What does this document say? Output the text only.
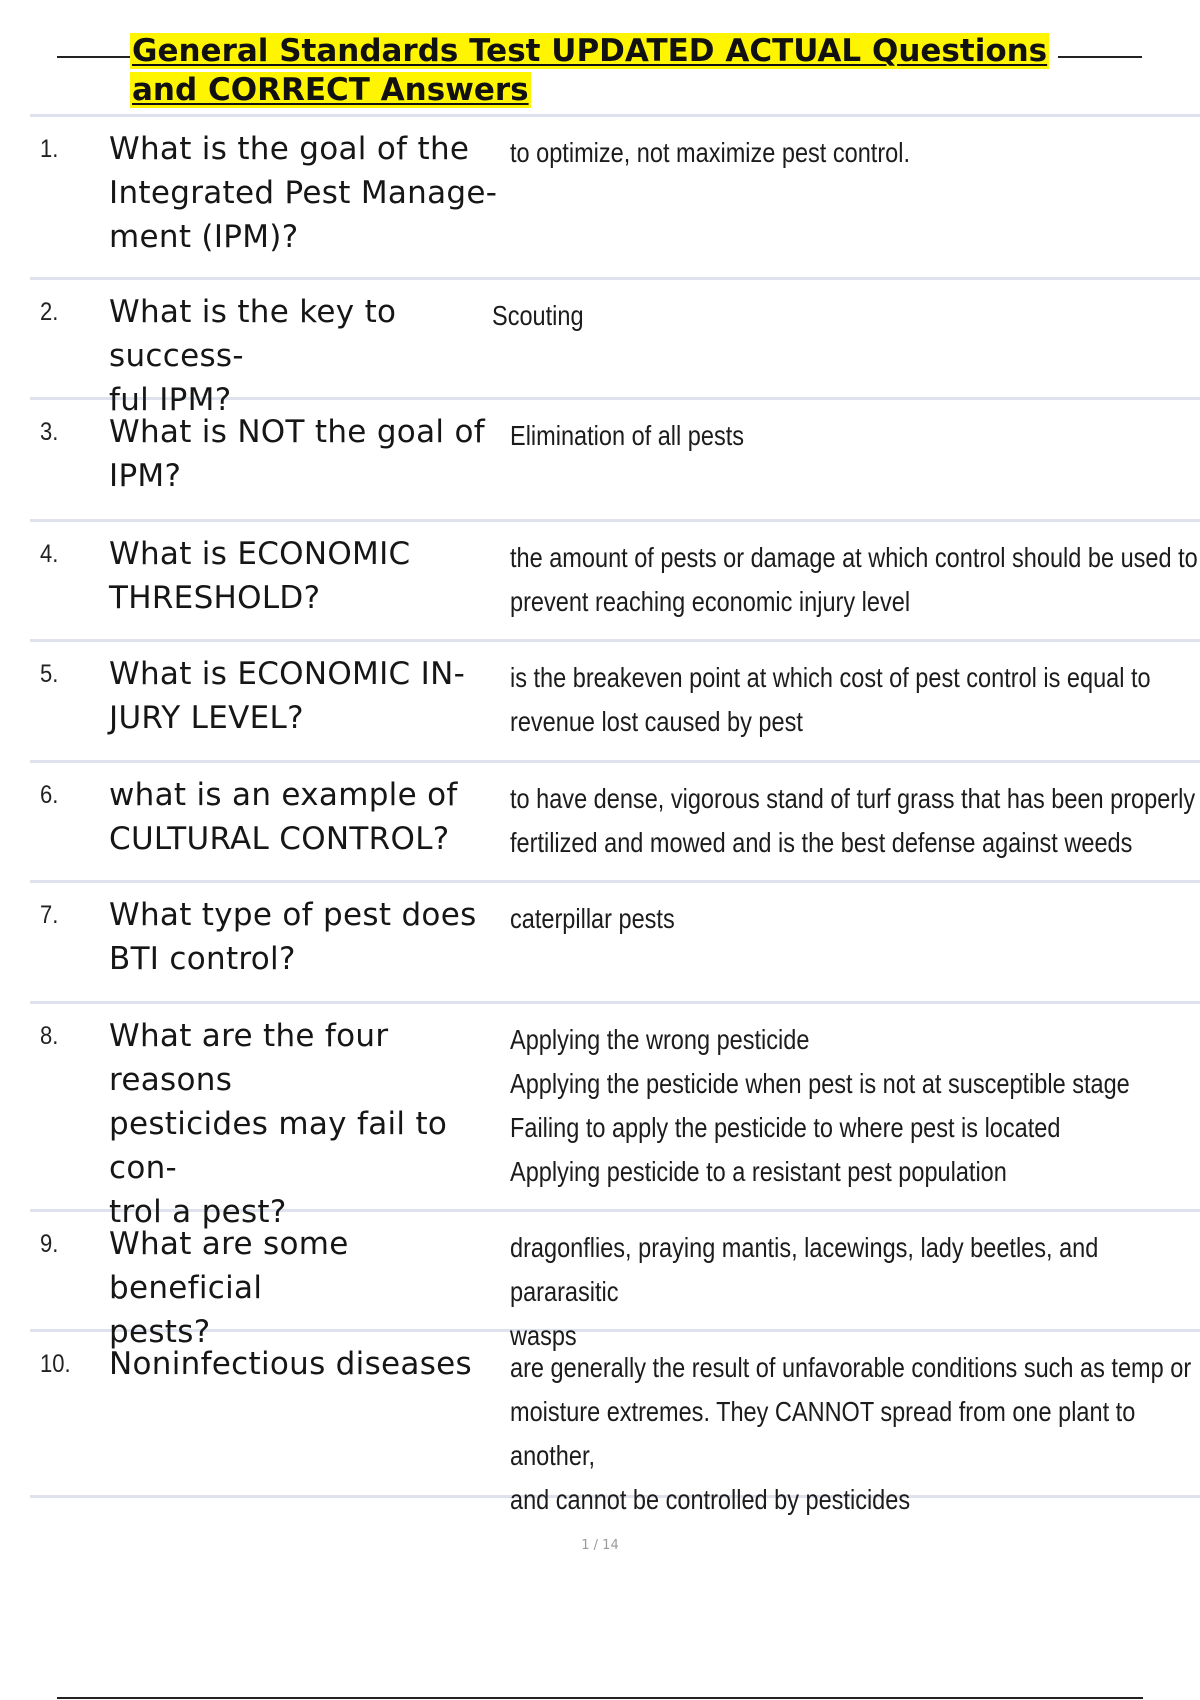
General Standards Test UPDATED ACTUAL Questions and CORRECT Answers
1. What is the goal of the
Integrated Pest Manage-
ment (IPM)?
to optimize, not maximize pest control.
2. What is the key to success-
ful IPM?
Scouting
3. What is NOT the goal of
IPM?
Elimination of all pests
4. What is ECONOMIC
THRESHOLD?
the amount of pests or damage at which control should be used to
prevent reaching economic injury level
5. What is ECONOMIC IN-
JURY LEVEL?
is the breakeven point at which cost of pest control is equal to
revenue lost caused by pest
6. what is an example of
CULTURAL CONTROL?
to have dense, vigorous stand of turf grass that has been properly
fertilized and mowed and is the best defense against weeds
7. What type of pest does
BTI control?
caterpillar pests
8. What are the four reasons
pesticides may fail to con-
trol a pest?
Applying the wrong pesticide
Applying the pesticide when pest is not at susceptible stage
Failing to apply the pesticide to where pest is located
Applying pesticide to a resistant pest population
9. What are some beneficial
pests?
dragonflies, praying mantis, lacewings, lady beetles, and pararasitic
wasps
10. Noninfectious diseases	are generally the result of unfavorable conditions such as temp or
moisture extremes. They CANNOT spread from one plant to another,
and cannot be controlled by pesticides
1 / 14
